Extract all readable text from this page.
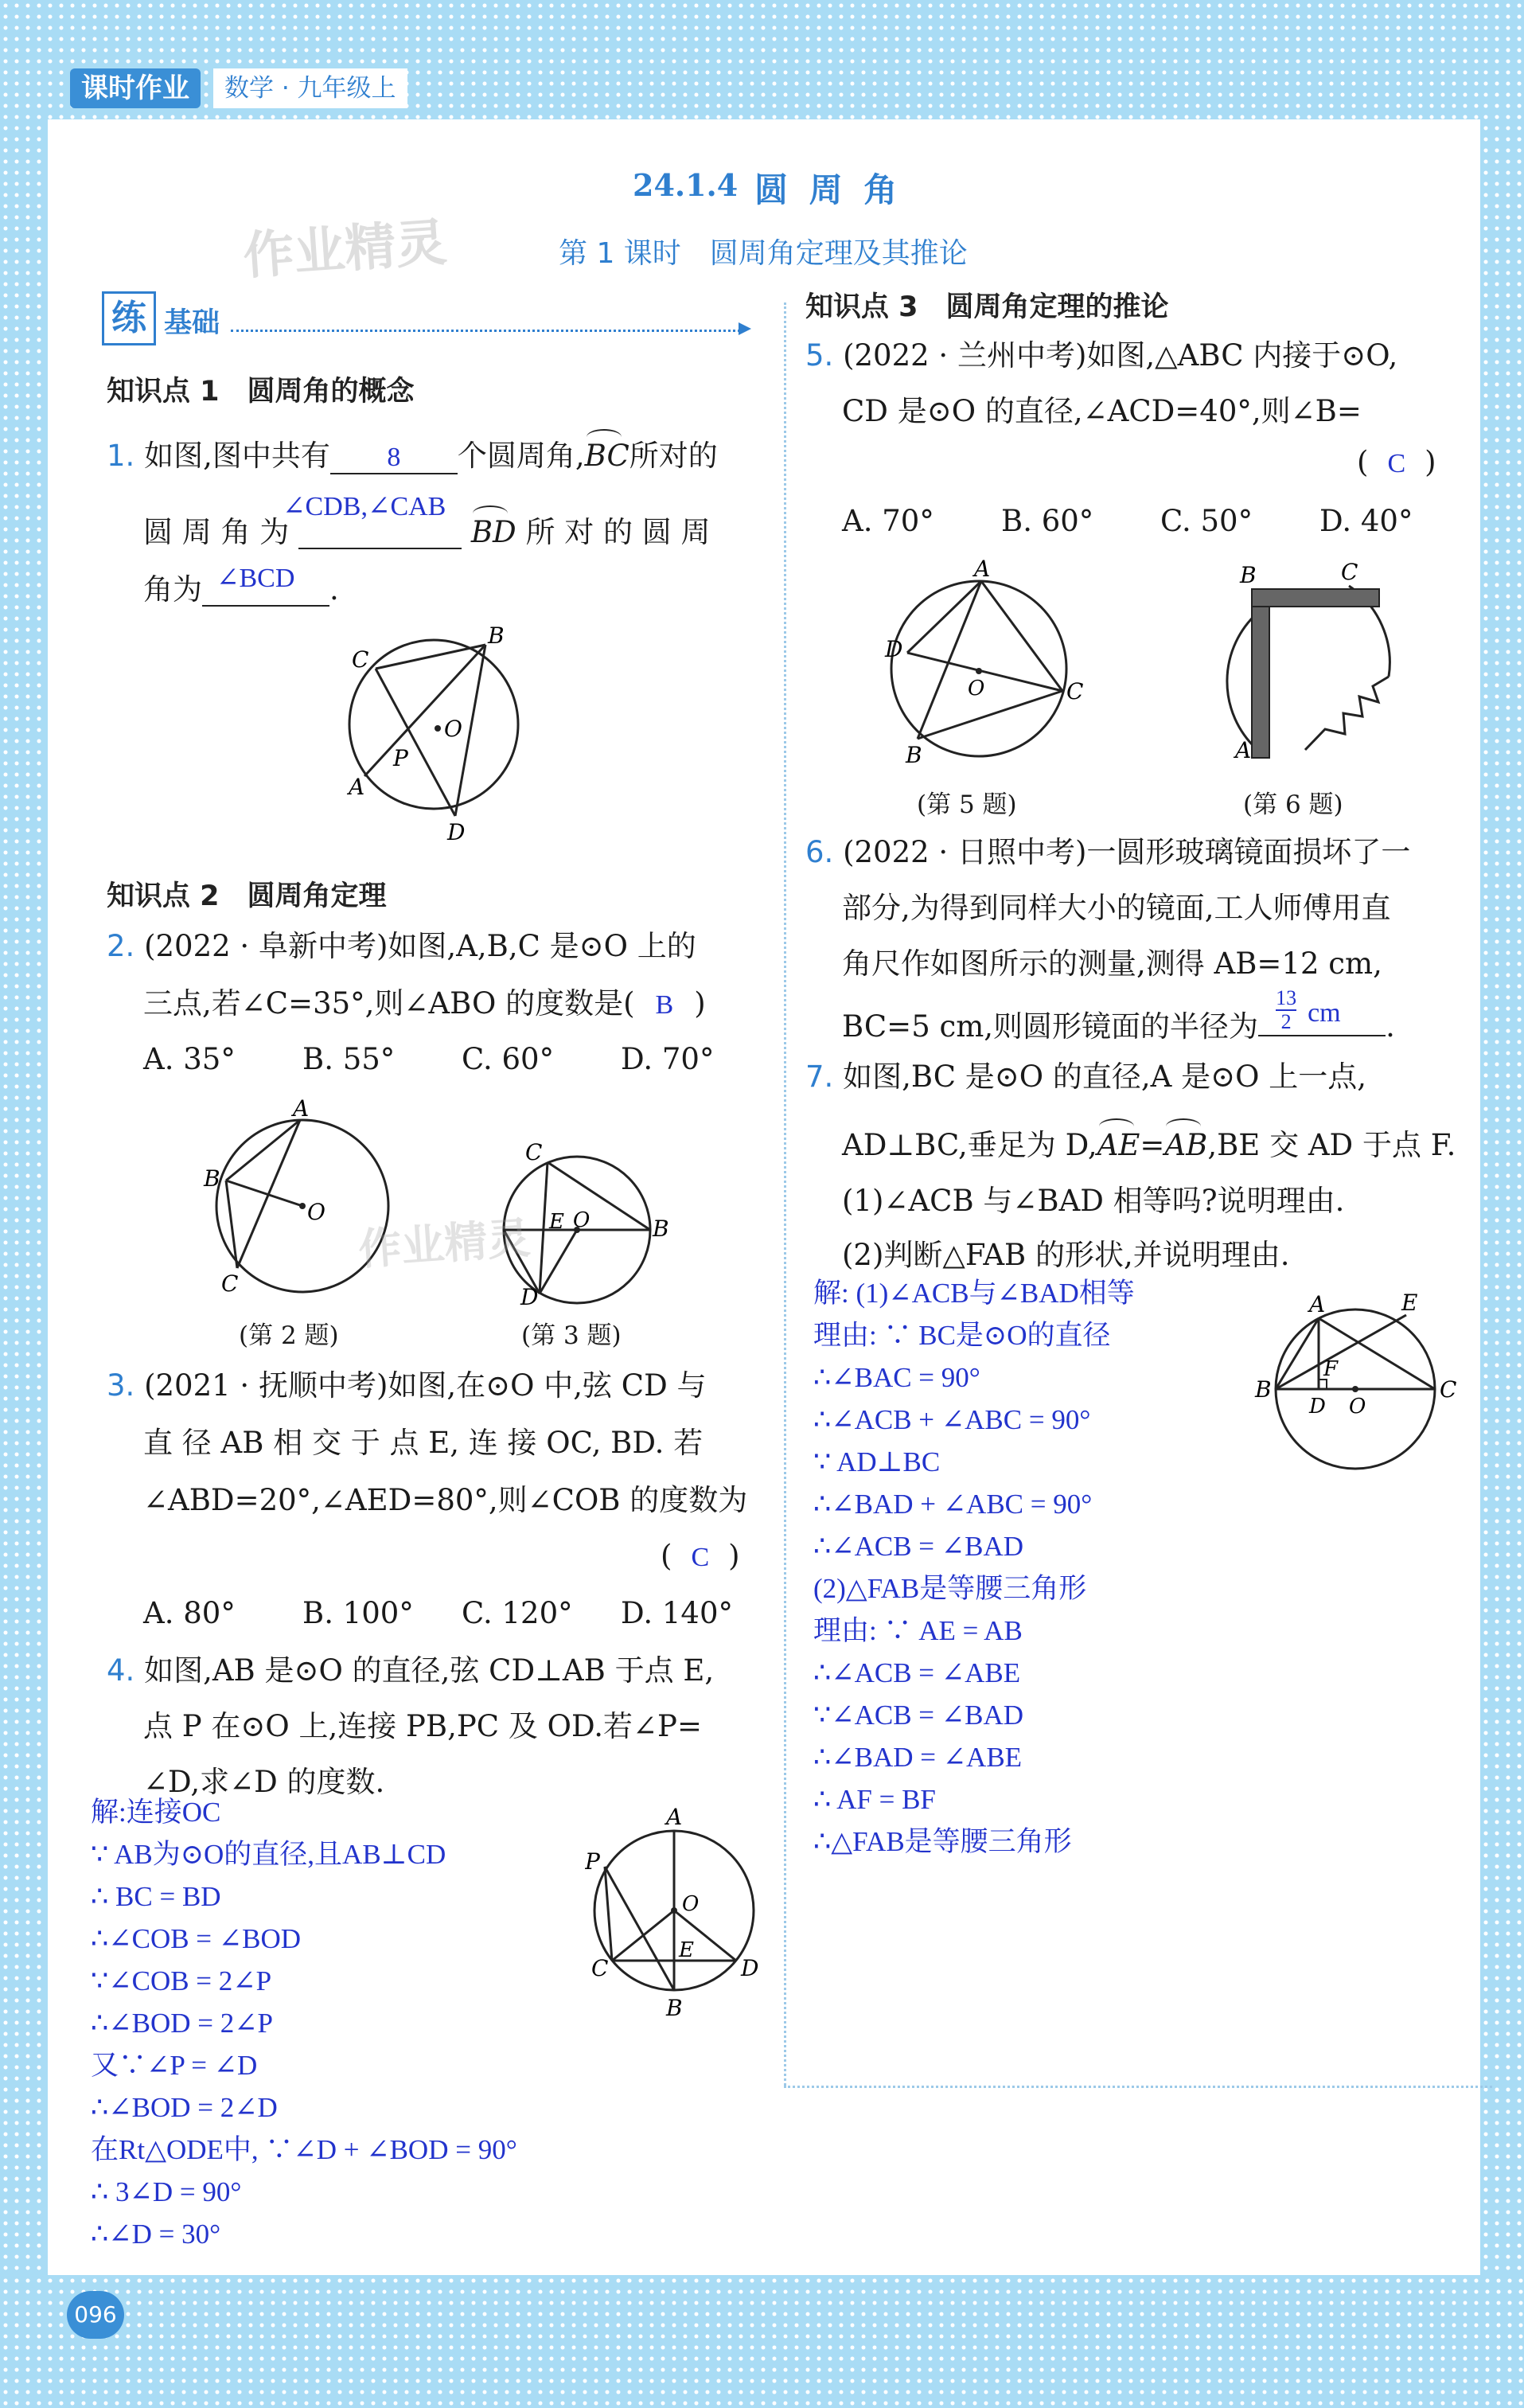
课时作业	数学 · 九年级上
24.1.4 圆 周 角
第 1 课时　圆周角定理及其推论
作业精灵
练 基础
知识点 1　圆周角的概念
1. 如图,图中共有 8 个圆周角,
BC所对的
圆 周 角 为
∠CDB,∠CAB

BD 所 对 的 圆 周
角为 ∠BCD .
C
B
O
P
A
D
知识点 2　圆周角定理
2. (2022 · 阜新中考)如图,A,B,C 是⊙O 上的
三点,若∠C=35°,则∠ABO 的度数是( B )
A. 35° B. 55° C. 60° D. 70°
A
B
O
C
(第 2 题)
C
E O	B
D
(第 3 题)
作业精灵
3. (2021 · 抚顺中考)如图,在⊙O 中,弦 CD 与
直 径 AB 相 交 于 点 E, 连 接 OC, BD. 若
∠ABD=20°,∠AED=80°,则∠COB 的度数为
( C )
A. 80° B. 100° C. 120° D. 140°
4. 如图,AB 是⊙O 的直径,弦 CD⊥AB 于点 E,
点 P 在⊙O 上,连接 PB,PC 及 OD.若∠P=
∠D,求∠D 的度数.
解:连接OC
∵ AB为⊙O的直径,且AB⊥CD
∴ BC = BD
∴∠COB = ∠BOD
∵∠COB = 2∠P
∴∠BOD = 2∠P
又∵∠P = ∠D
∴∠BOD = 2∠D
在Rt△ODE中, ∵∠D + ∠BOD = 90°
∴ 3∠D = 90°
∴∠D = 30°
A
P
O
C
E
D
B
知识点 3　圆周角定理的推论
5. (2022 · 兰州中考)如图,△ABC 内接于⊙O,
CD 是⊙O 的直径,∠ACD=40°,则∠B=
( C )
A. 70° B. 60° C. 50° D. 40°
A
D
O	C
B
(第 5 题)
B	C
A
(第 6 题)
6. (2022 · 日照中考)一圆形玻璃镜面损坏了一
部分,为得到同样大小的镜面,工人师傅用直
角尺作如图所示的测量,测得 AB=12 cm,
BC=5 cm,则圆形镜面的半径为
13
2 cm .
7. 如图,BC 是⊙O 的直径,A 是⊙O 上一点,
AD⊥BC,垂足为 D,
AE=
AB,BE 交 AD 于点 F.
(1)∠ACB 与∠BAD 相等吗?说明理由.
(2)判断△FAB 的形状,并说明理由.
解: (1)∠ACB与∠BAD相等
理由: ∵ BC是⊙O的直径
∴∠BAC = 90°
∴∠ACB + ∠ABC = 90°
∵ AD⊥BC
∴∠BAD + ∠ABC = 90°
∴∠ACB = ∠BAD
(2)△FAB是等腰三角形
理由: ∵ AE = AB
∴∠ACB = ∠ABE
∵∠ACB = ∠BAD
∴∠BAD = ∠ABE
∴ AF = BF
∴△FAB是等腰三角形
A	E
F
B
D O
C
096
